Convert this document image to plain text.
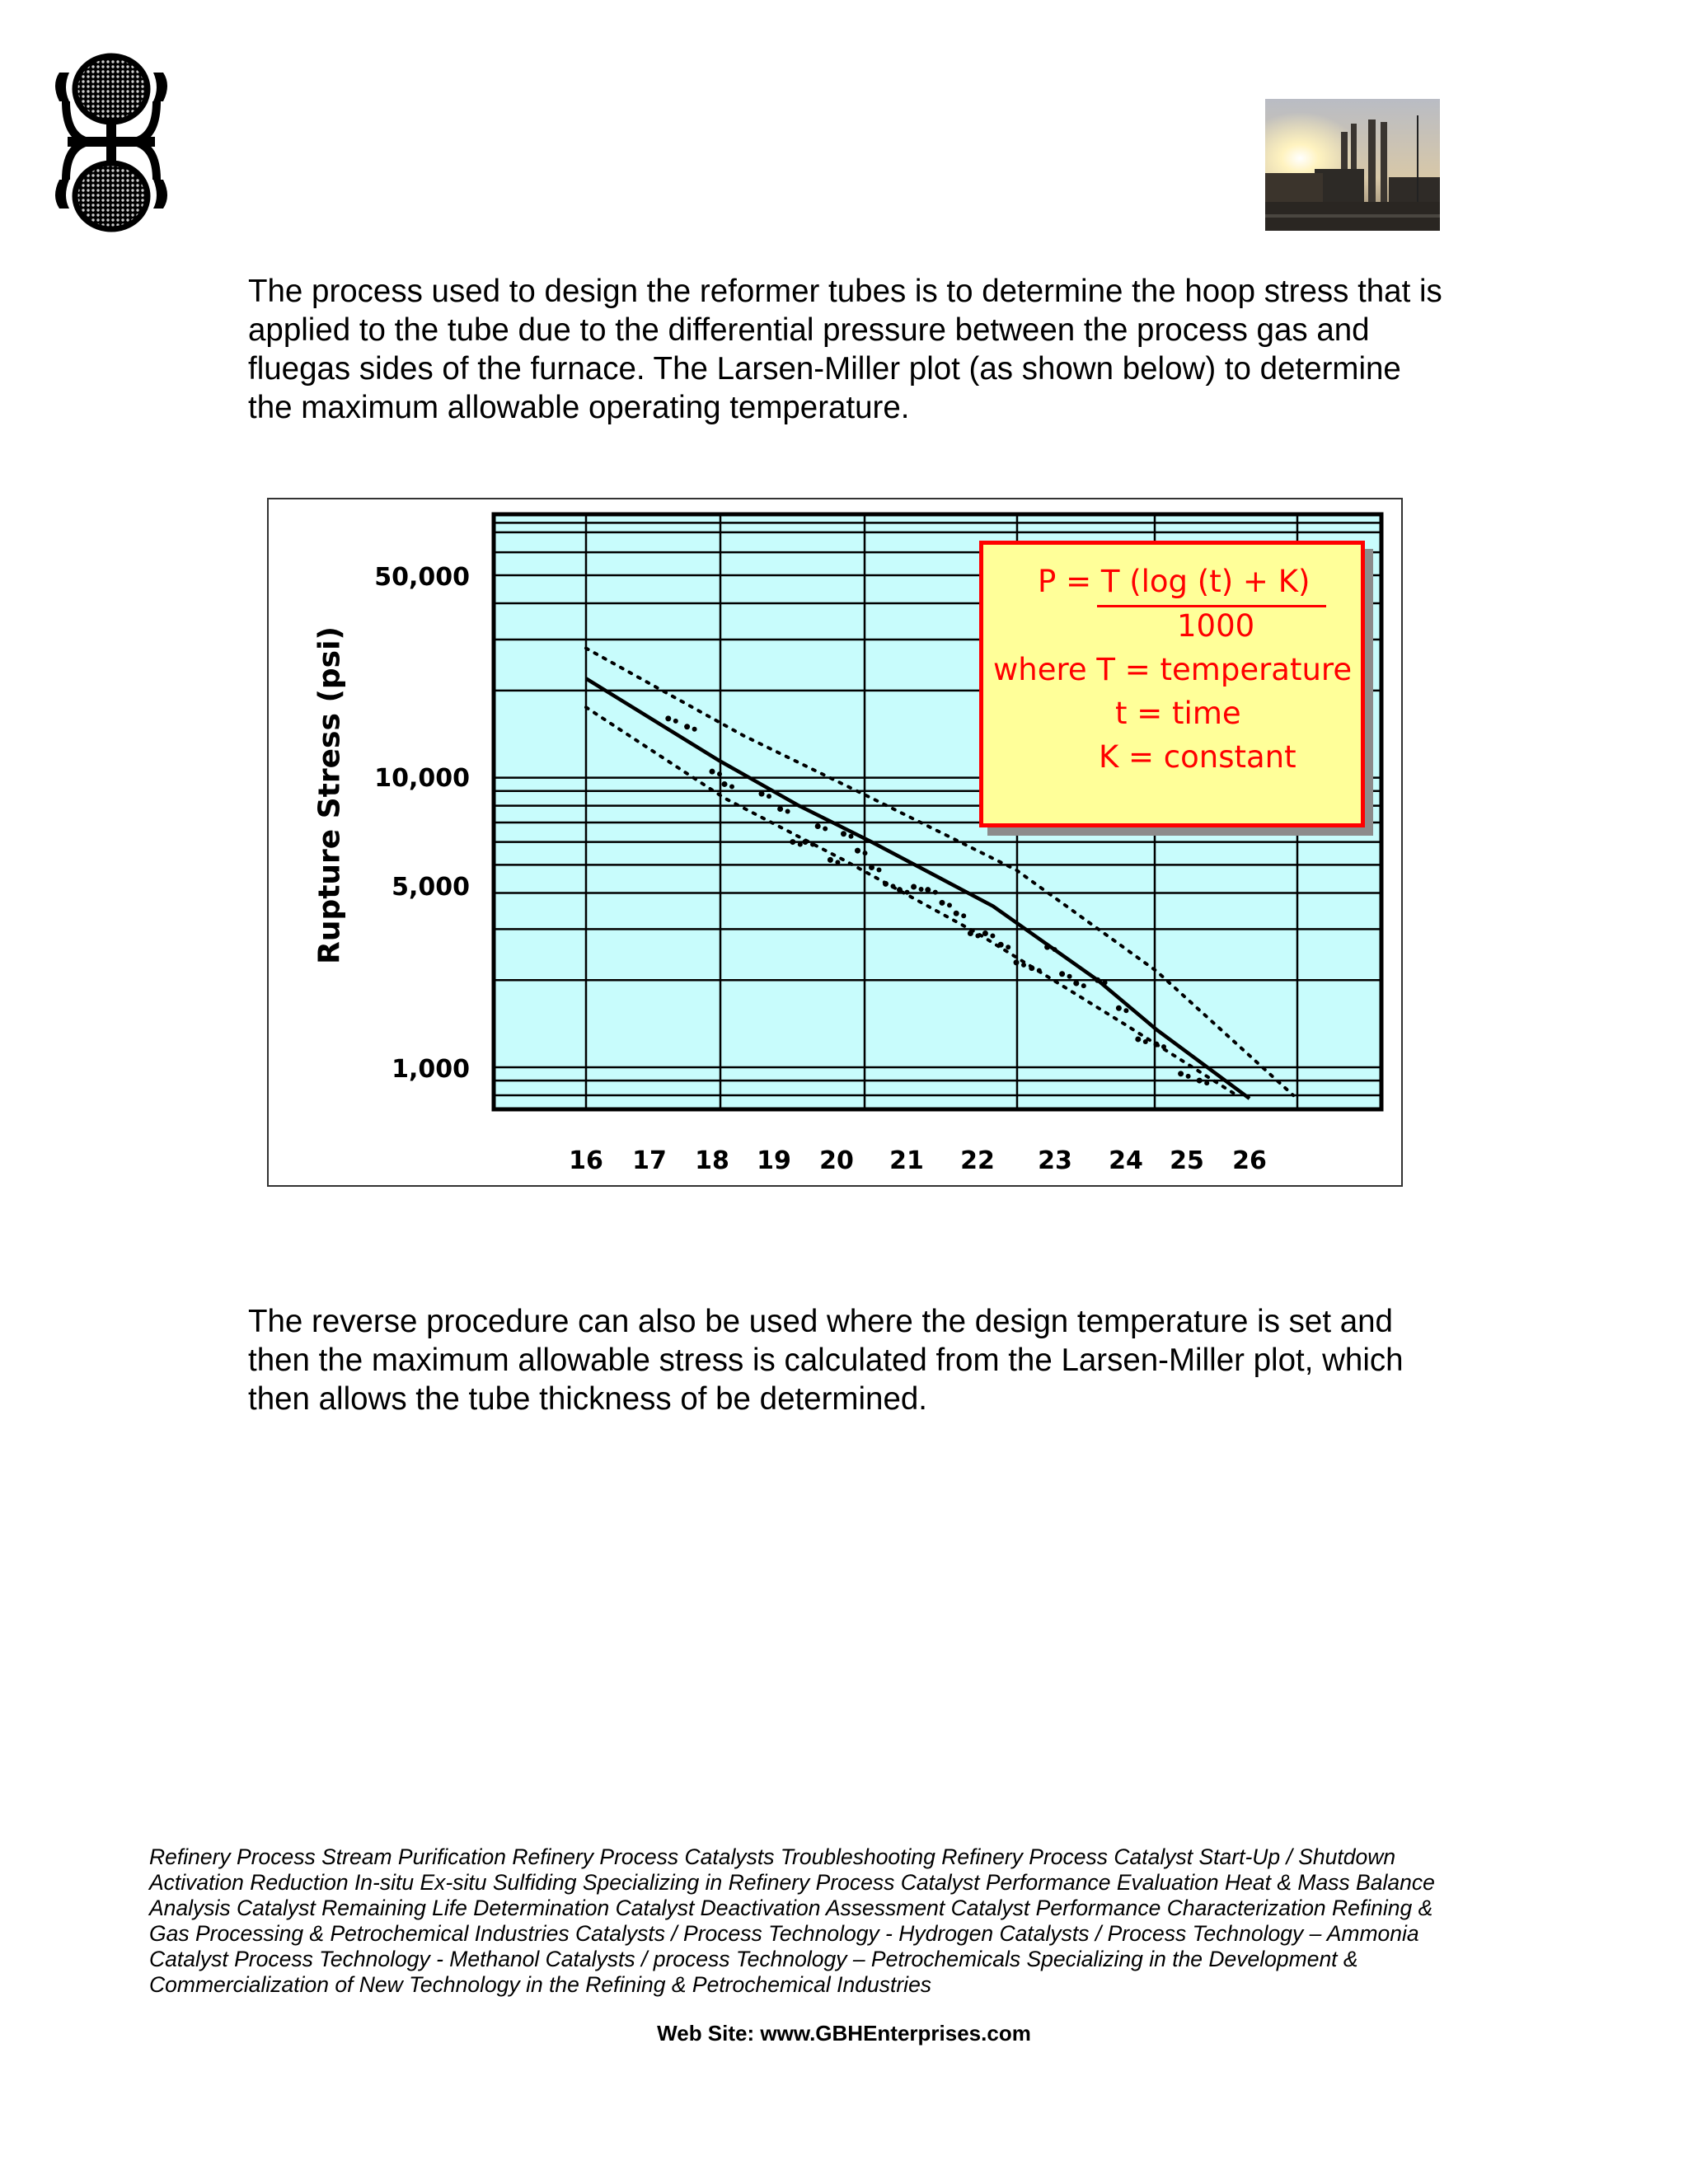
The process used to design the reformer tubes is to determine the hoop stress that is applied to the tube due to the differential pressure between the process gas and fluegas sides of the furnace. The Larsen-Miller plot (as shown below) to determine the maximum allowable operating temperature.

50,000
10,000
5,000
1,000
16 17 18 19 20 21 22 23 24 25 26
Rupture Stress (psi)
P = T (log (t) + K)
1000
where T = temperature
t = time
K = constant

The reverse procedure can also be used where the design temperature is set and then the maximum allowable stress is calculated from the Larsen-Miller plot, which then allows the tube thickness of be determined.

Refinery Process Stream Purification Refinery Process Catalysts Troubleshooting Refinery Process Catalyst Start-Up / Shutdown Activation Reduction In-situ Ex-situ Sulfiding Specializing in Refinery Process Catalyst Performance Evaluation Heat & Mass Balance Analysis Catalyst Remaining Life Determination Catalyst Deactivation Assessment Catalyst Performance Characterization Refining & Gas Processing & Petrochemical Industries Catalysts / Process Technology - Hydrogen Catalysts / Process Technology – Ammonia Catalyst Process Technology - Methanol Catalysts / process Technology – Petrochemicals Specializing in the Development & Commercialization of New Technology in the Refining & Petrochemical Industries

Web Site: www.GBHEnterprises.com
